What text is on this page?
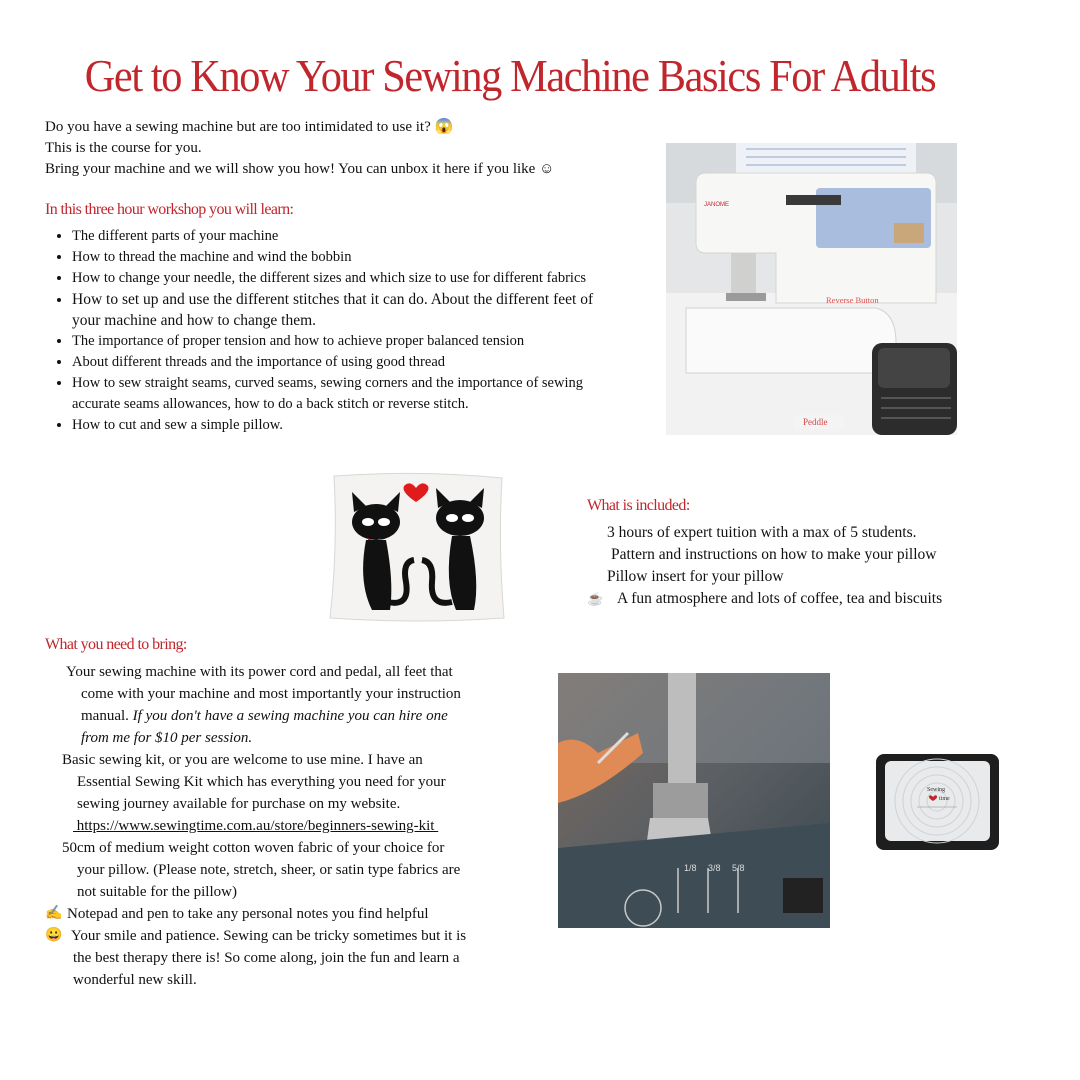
Get to Know Your Sewing Machine Basics For Adults
Do you have a sewing machine but are too intimidated to use it? 😱
This is the course for you.
Bring your machine and we will show you how! You can unbox it here if you like ☺
In this three hour workshop you will learn:
• The different parts of your machine
• How to thread the machine and wind the bobbin
• How to change your needle, the different sizes and which size to use for different fabrics
• How to set up and use the different stitches that it can do. About the different feet of your machine and how to change them.
• The importance of proper tension and how to achieve proper balanced tension
• About different threads and the importance of using good thread
• How to sew straight seams, curved seams, sewing corners and the importance of sewing accurate seams allowances, how to do a back stitch or reverse stitch.
• How to cut and sew a simple pillow.
JANOME
Reverse Button
Peddle
What is included:
3 hours of expert tuition with a max of 5 students.
Pattern and instructions on how to make your pillow
Pillow insert for your pillow
☕ A fun atmosphere and lots of coffee, tea and biscuits
What you need to bring:
Your sewing machine with its power cord and pedal, all feet that
come with your machine and most importantly your instruction
manual. If you don't have a sewing machine you can hire one
from me for $10 per session.
Basic sewing kit, or you are welcome to use mine. I have an
Essential Sewing Kit which has everything you need for your
sewing journey available for purchase on my website.
https://www.sewingtime.com.au/store/beginners-sewing-kit
50cm of medium weight cotton woven fabric of your choice for
your pillow. (Please note, stretch, sheer, or satin type fabrics are
not suitable for the pillow)
✍ Notepad and pen to take any personal notes you find helpful
😀 Your smile and patience. Sewing can be tricky sometimes but it is
the best therapy there is! So come along, join the fun and learn a
wonderful new skill.
1/8 3/8 5/8
Sewing
time
